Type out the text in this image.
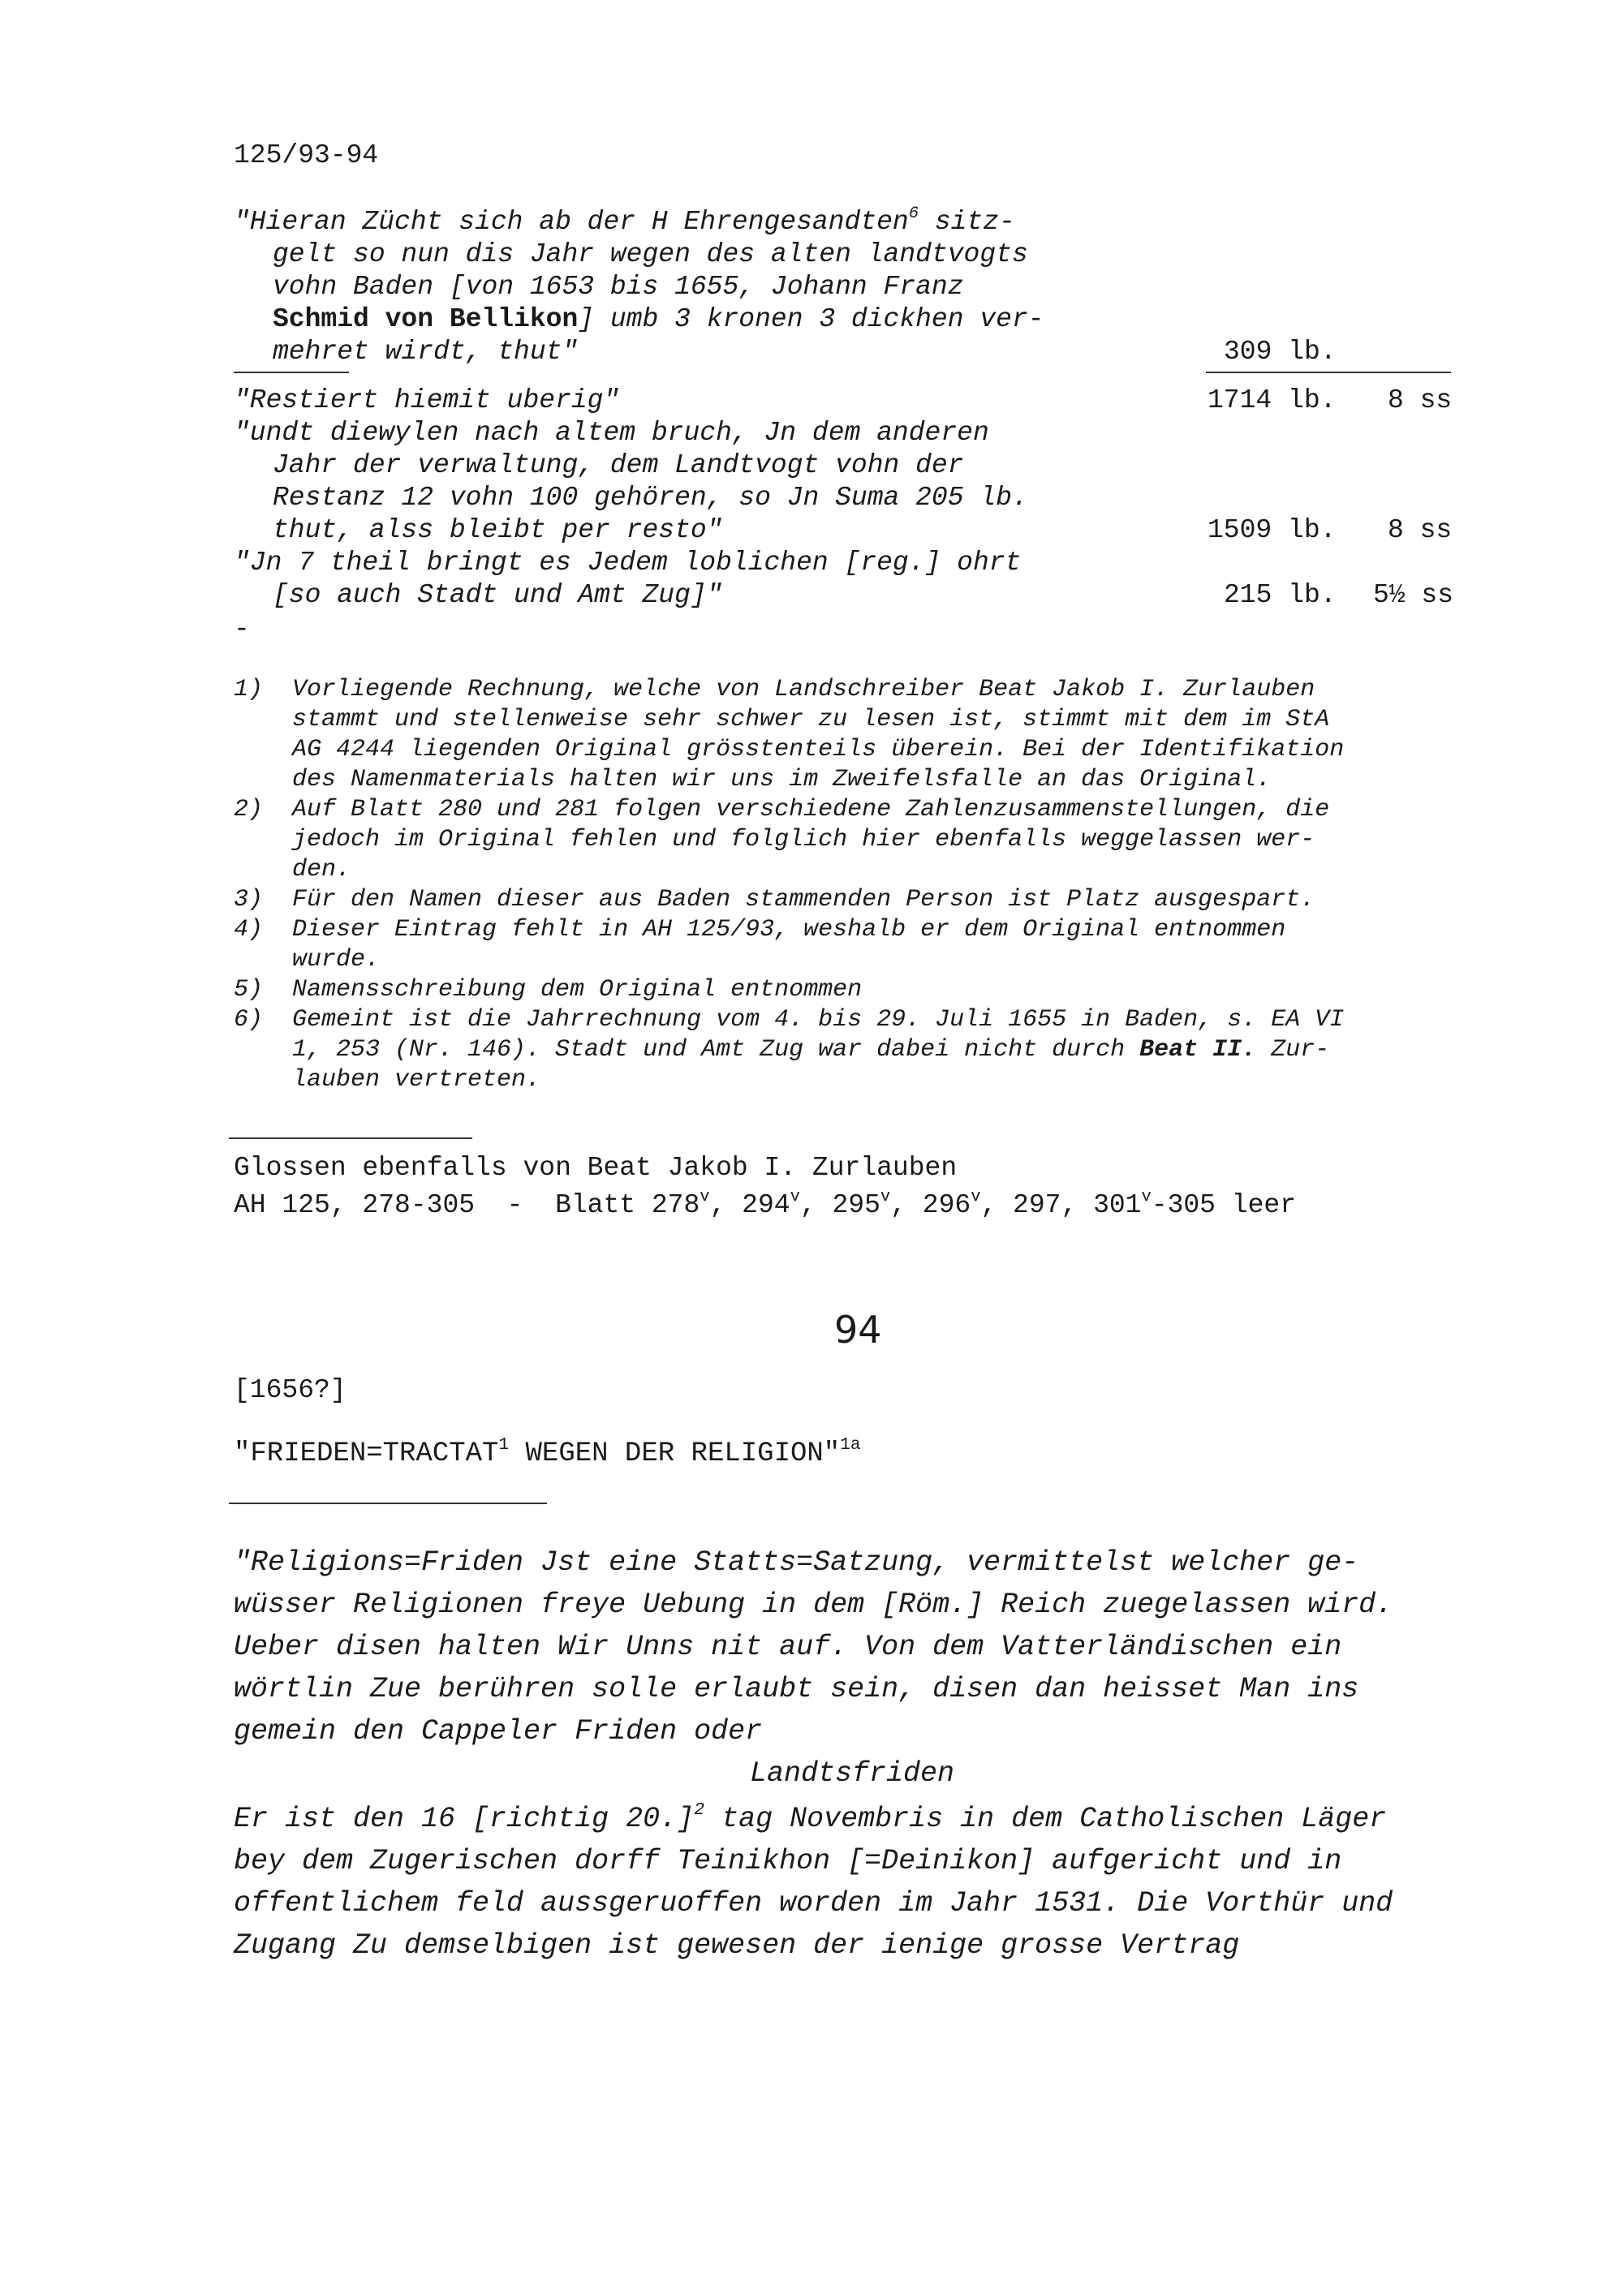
125/93-94
"Hieran Zücht sich ab der H Ehrengesandten$^6$ sitz-
gelt so nun dis Jahr wegen des alten landtvogts
vohn Baden [von 1653 bis 1655, Johann Franz
Schmid von Bellikon] umb 3 kronen 3 dickhen ver-
mehret wirdt, thut"	309 lb.
"Restiert hiemit uberig"	1714 lb. 8 ss
"undt diewylen nach altem bruch, Jn dem anderen
Jahr der verwaltung, dem Landtvogt vohn der
Restanz 12 vohn 100 gehören, so Jn Suma 205 lb.
thut, alss bleibt per resto"	1509 lb. 8 ss
"Jn 7 theil bringt es Jedem loblichen [reg.] ohrt
[so auch Stadt und Amt Zug]"	215 lb. 5½ ss
-
1) Vorliegende Rechnung, welche von Landschreiber Beat Jakob I. Zurlauben
stammt und stellenweise sehr schwer zu lesen ist, stimmt mit dem im StA
AG 4244 liegenden Original grösstenteils überein. Bei der Identifikation
des Namenmaterials halten wir uns im Zweifelsfalle an das Original.
2) Auf Blatt 280 und 281 folgen verschiedene Zahlenzusammenstellungen, die
jedoch im Original fehlen und folglich hier ebenfalls weggelassen wer-
den.
3) Für den Namen dieser aus Baden stammenden Person ist Platz ausgespart.
4) Dieser Eintrag fehlt in AH 125/93, weshalb er dem Original entnommen
wurde.
5) Namensschreibung dem Original entnommen
6) Gemeint ist die Jahrrechnung vom 4. bis 29. Juli 1655 in Baden, s. EA VI
1, 253 (Nr. 146). Stadt und Amt Zug war dabei nicht durch Beat II. Zur-
lauben vertreten.
Glossen ebenfalls von Beat Jakob I. Zurlauben
AH 125, 278-305  -  Blatt 278$^v$, 294$^v$, 295$^v$, 296$^v$, 297, 301$^v$-305 leer
94
[1656?]
"$FRIEDEN=TRACTAT^1$ WEGEN DER RELIGION"$^{1a}$
"Religions=Friden Jst eine Statts=Satzung, vermittelst welcher ge-
wüsser Religionen freye Uebung in dem [Röm.] Reich zuegelassen wird.
Ueber disen halten Wir Unns nit auf. Von dem Vatterländischen ein
wörtlin Zue berühren solle erlaubt sein, disen dan heisset Man ins
gemein den Cappeler Friden oder
Landtsfriden
Er ist den 16 [richtig 20.]$^2$ tag Novembris in dem Catholischen Läger
bey dem Zugerischen dorff Teinikhon [=Deinikon] aufgericht und in
offentlichem feld aussgeruoffen worden im Jahr 1531. Die Vorthür und
Zugang Zu demselbigen ist gewesen der ienige grosse Vertrag
